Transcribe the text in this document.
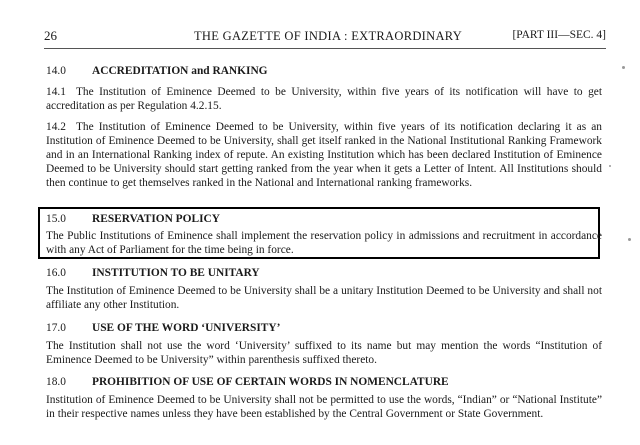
26	THE GAZETTE OF INDIA : EXTRAORDINARY	[PART III—SEC. 4]
14.0 ACCREDITATION and RANKING
14.1 The Institution of Eminence Deemed to be University, within five years of its notification will have to get accreditation as per Regulation 4.2.15.
14.2 The Institution of Eminence Deemed to be University, within five years of its notification declaring it as an Institution of Eminence Deemed to be University, shall get itself ranked in the National Institutional Ranking Framework and in an International Ranking index of repute. An existing Institution which has been declared Institution of Eminence Deemed to be University should start getting ranked from the year when it gets a Letter of Intent. All Institutions should then continue to get themselves ranked in the National and International ranking frameworks.
15.0 RESERVATION POLICY
The Public Institutions of Eminence shall implement the reservation policy in admissions and recruitment in accordance with any Act of Parliament for the time being in force.
16.0 INSTITUTION TO BE UNITARY
The Institution of Eminence Deemed to be University shall be a unitary Institution Deemed to be University and shall not affiliate any other Institution.
17.0 USE OF THE WORD ‘UNIVERSITY’
The Institution shall not use the word ‘University’ suffixed to its name but may mention the words “Institution of Eminence Deemed to be University” within parenthesis suffixed thereto.
18.0 PROHIBITION OF USE OF CERTAIN WORDS IN NOMENCLATURE
Institution of Eminence Deemed to be University shall not be permitted to use the words, “Indian” or “National Institute” in their respective names unless they have been established by the Central Government or State Government.
